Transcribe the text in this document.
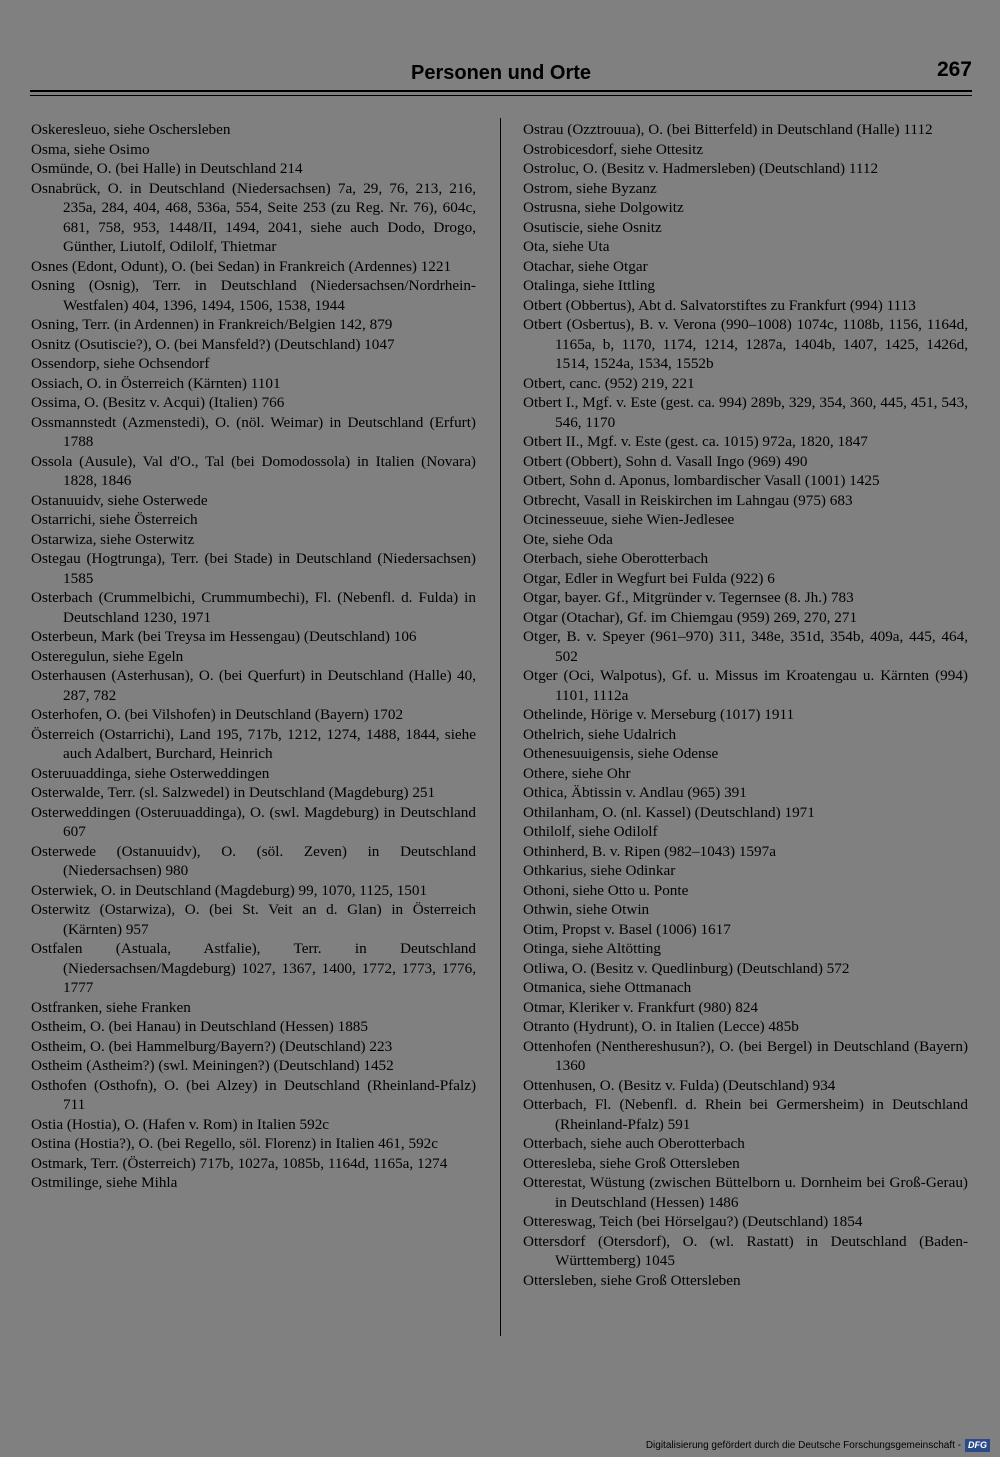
Personen und Orte	267
Oskeresleuo, siehe Oschersleben
Osma, siehe Osimo
Osmünde, O. (bei Halle) in Deutschland 214
Osnabrück, O. in Deutschland (Niedersachsen) 7a, 29, 76, 213, 216, 235a, 284, 404, 468, 536a, 554, Seite 253 (zu Reg. Nr. 76), 604c, 681, 758, 953, 1448/II, 1494, 2041, siehe auch Dodo, Drogo, Günther, Liutolf, Odilolf, Thietmar
Osnes (Edont, Odunt), O. (bei Sedan) in Frankreich (Ardennes) 1221
Osning (Osnig), Terr. in Deutschland (Niedersachsen/Nordrhein-Westfalen) 404, 1396, 1494, 1506, 1538, 1944
Osning, Terr. (in Ardennen) in Frankreich/Belgien 142, 879
Osnitz (Osutiscie?), O. (bei Mansfeld?) (Deutschland) 1047
Ossendorp, siehe Ochsendorf
Ossiach, O. in Österreich (Kärnten) 1101
Ossima, O. (Besitz v. Acqui) (Italien) 766
Ossmannstedt (Azmenstedi), O. (nöl. Weimar) in Deutschland (Erfurt) 1788
Ossola (Ausule), Val d'O., Tal (bei Domodossola) in Italien (Novara) 1828, 1846
Ostanuuidv, siehe Osterwede
Ostarrichi, siehe Österreich
Ostarwiza, siehe Osterwitz
Ostegau (Hogtrunga), Terr. (bei Stade) in Deutschland (Niedersachsen) 1585
Osterbach (Crummelbichi, Crummumbechi), Fl. (Nebenfl. d. Fulda) in Deutschland 1230, 1971
Osterbeun, Mark (bei Treysa im Hessengau) (Deutschland) 106
Osteregulun, siehe Egeln
Osterhausen (Asterhusan), O. (bei Querfurt) in Deutschland (Halle) 40, 287, 782
Osterhofen, O. (bei Vilshofen) in Deutschland (Bayern) 1702
Österreich (Ostarrichi), Land 195, 717b, 1212, 1274, 1488, 1844, siehe auch Adalbert, Burchard, Heinrich
Osteruuaddinga, siehe Osterweddingen
Osterwalde, Terr. (sl. Salzwedel) in Deutschland (Magdeburg) 251
Osterweddingen (Osteruuaddinga), O. (swl. Magdeburg) in Deutschland 607
Osterwede (Ostanuuidv), O. (söl. Zeven) in Deutschland (Niedersachsen) 980
Osterwiek, O. in Deutschland (Magdeburg) 99, 1070, 1125, 1501
Osterwitz (Ostarwiza), O. (bei St. Veit an d. Glan) in Österreich (Kärnten) 957
Ostfalen (Astuala, Astfalie), Terr. in Deutschland (Niedersachsen/Magdeburg) 1027, 1367, 1400, 1772, 1773, 1776, 1777
Ostfranken, siehe Franken
Ostheim, O. (bei Hanau) in Deutschland (Hessen) 1885
Ostheim, O. (bei Hammelburg/Bayern?) (Deutschland) 223
Ostheim (Astheim?) (swl. Meiningen?) (Deutschland) 1452
Osthofen (Osthofn), O. (bei Alzey) in Deutschland (Rheinland-Pfalz) 711
Ostia (Hostia), O. (Hafen v. Rom) in Italien 592c
Ostina (Hostia?), O. (bei Regello, söl. Florenz) in Italien 461, 592c
Ostmark, Terr. (Österreich) 717b, 1027a, 1085b, 1164d, 1165a, 1274
Ostmilinge, siehe Mihla
Ostrau (Ozztrouua), O. (bei Bitterfeld) in Deutschland (Halle) 1112
Ostrobicesdorf, siehe Ottesitz
Ostroluc, O. (Besitz v. Hadmersleben) (Deutschland) 1112
Ostrom, siehe Byzanz
Ostrusna, siehe Dolgowitz
Osutiscie, siehe Osnitz
Ota, siehe Uta
Otachar, siehe Otgar
Otalinga, siehe Ittling
Otbert (Obbertus), Abt d. Salvatorstiftes zu Frankfurt (994) 1113
Otbert (Osbertus), B. v. Verona (990–1008) 1074c, 1108b, 1156, 1164d, 1165a, b, 1170, 1174, 1214, 1287a, 1404b, 1407, 1425, 1426d, 1514, 1524a, 1534, 1552b
Otbert, canc. (952) 219, 221
Otbert I., Mgf. v. Este (gest. ca. 994) 289b, 329, 354, 360, 445, 451, 543, 546, 1170
Otbert II., Mgf. v. Este (gest. ca. 1015) 972a, 1820, 1847
Otbert (Obbert), Sohn d. Vasall Ingo (969) 490
Otbert, Sohn d. Aponus, lombardischer Vasall (1001) 1425
Otbrecht, Vasall in Reiskirchen im Lahngau (975) 683
Otcinesseuue, siehe Wien-Jedlesee
Ote, siehe Oda
Oterbach, siehe Oberotterbach
Otgar, Edler in Wegfurt bei Fulda (922) 6
Otgar, bayer. Gf., Mitgründer v. Tegernsee (8. Jh.) 783
Otgar (Otachar), Gf. im Chiemgau (959) 269, 270, 271
Otger, B. v. Speyer (961–970) 311, 348e, 351d, 354b, 409a, 445, 464, 502
Otger (Oci, Walpotus), Gf. u. Missus im Kroatengau u. Kärnten (994) 1101, 1112a
Othelinde, Hörige v. Merseburg (1017) 1911
Othelrich, siehe Udalrich
Othenesuuigensis, siehe Odense
Othere, siehe Ohr
Othica, Äbtissin v. Andlau (965) 391
Othilanham, O. (nl. Kassel) (Deutschland) 1971
Othilolf, siehe Odilolf
Othinherd, B. v. Ripen (982–1043) 1597a
Othkarius, siehe Odinkar
Othoni, siehe Otto u. Ponte
Othwin, siehe Otwin
Otim, Propst v. Basel (1006) 1617
Otinga, siehe Altötting
Otliwa, O. (Besitz v. Quedlinburg) (Deutschland) 572
Otmanica, siehe Ottmanach
Otmar, Kleriker v. Frankfurt (980) 824
Otranto (Hydrunt), O. in Italien (Lecce) 485b
Ottenhofen (Nenthereshusun?), O. (bei Bergel) in Deutschland (Bayern) 1360
Ottenhusen, O. (Besitz v. Fulda) (Deutschland) 934
Otterbach, Fl. (Nebenfl. d. Rhein bei Germersheim) in Deutschland (Rheinland-Pfalz) 591
Otterbach, siehe auch Oberotterbach
Otteresleba, siehe Groß Ottersleben
Otterestat, Wüstung (zwischen Büttelborn u. Dornheim bei Groß-Gerau) in Deutschland (Hessen) 1486
Ottereswag, Teich (bei Hörselgau?) (Deutschland) 1854
Ottersdorf (Otersdorf), O. (wl. Rastatt) in Deutschland (Baden-Württemberg) 1045
Ottersleben, siehe Groß Ottersleben
Digitalisierung gefördert durch die Deutsche Forschungsgemeinschaft - DFG
